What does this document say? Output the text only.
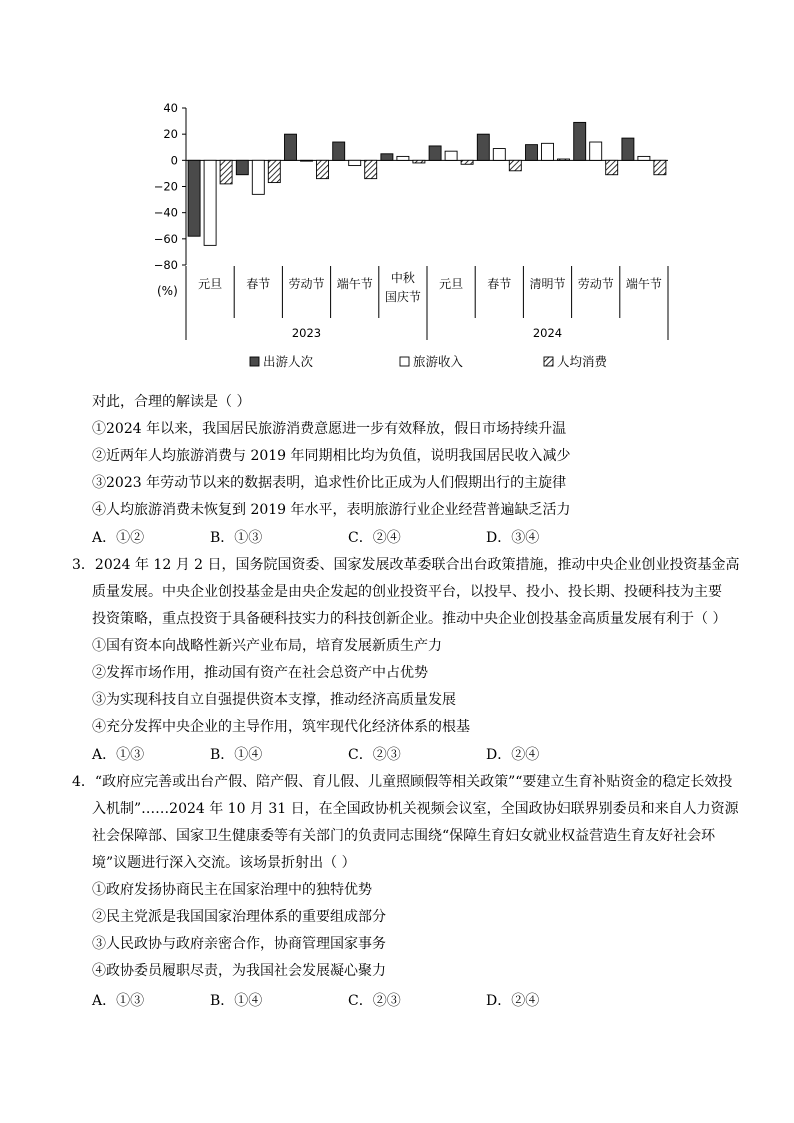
40
20
0
−20
−40
−60
−80
(%) 元旦 春节 劳动节 端午节 中秋
国庆节
元旦 春节 清明节 劳动节 端午节
2023	2024
出游人次	旅游收入	人均消费
对此，合理的解读是（ ）
①2024 年以来，我国居民旅游消费意愿进一步有效释放，假日市场持续升温
②近两年人均旅游消费与 2019 年同期相比均为负值，说明我国居民收入减少
③2023 年劳动节以来的数据表明，追求性价比正成为人们假期出行的主旋律
④人均旅游消费未恢复到 2019 年水平，表明旅游行业企业经营普遍缺乏活力
A．①②	B．①③	C．②④	D．③④
3．2024 年 12 月 2 日，国务院国资委、国家发展改革委联合出台政策措施，推动中央企业创业投资基金高
质量发展。中央企业创投基金是由央企发起的创业投资平台，以投早、投小、投长期、投硬科技为主要
投资策略，重点投资于具备硬科技实力的科技创新企业。推动中央企业创投基金高质量发展有利于（ ）
①国有资本向战略性新兴产业布局，培育发展新质生产力
②发挥市场作用，推动国有资产在社会总资产中占优势
③为实现科技自立自强提供资本支撑，推动经济高质量发展
④充分发挥中央企业的主导作用，筑牢现代化经济体系的根基
A．①③	B．①④	C．②③	D．②④
4．“政府应完善或出台产假、陪产假、育儿假、儿童照顾假等相关政策”“要建立生育补贴资金的稳定长效投
入机制”……2024 年 10 月 31 日，在全国政协机关视频会议室，全国政协妇联界别委员和来自人力资源
社会保障部、国家卫生健康委等有关部门的负责同志围绕“保障生育妇女就业权益营造生育友好社会环
境”议题进行深入交流。该场景折射出（ ）
①政府发扬协商民主在国家治理中的独特优势
②民主党派是我国国家治理体系的重要组成部分
③人民政协与政府亲密合作，协商管理国家事务
④政协委员履职尽责，为我国社会发展凝心聚力
A．①③	B．①④	C．②③	D．②④
